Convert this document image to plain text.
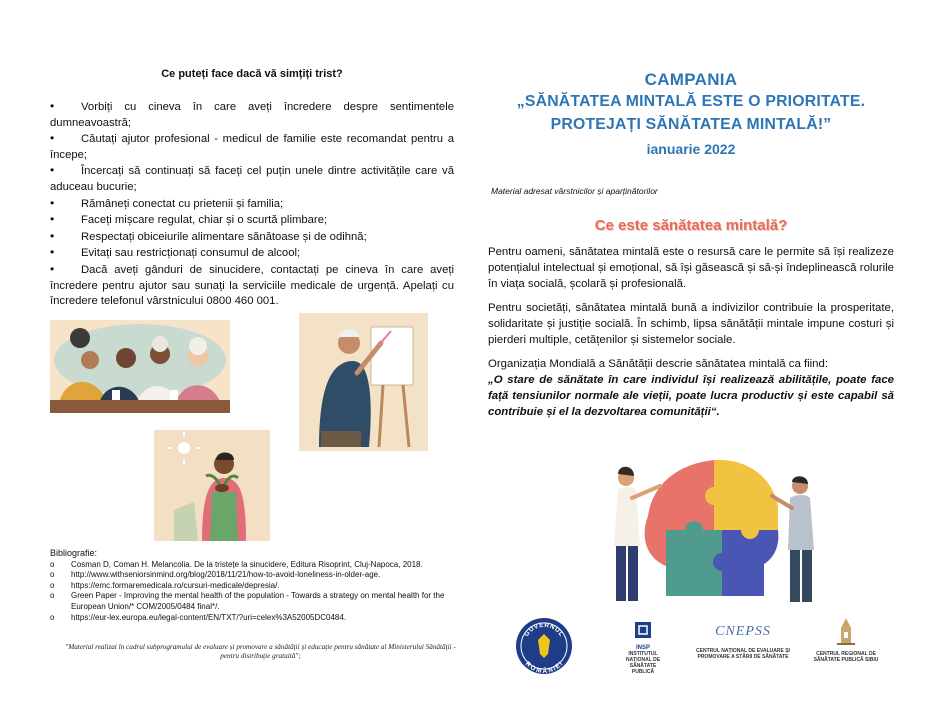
Ce puteți face dacă vă simțiți trist?
•Vorbiți cu cineva în care aveți încredere despre sentimentele dumneavoastră;
•Căutați ajutor profesional - medicul de familie este recomandat pentru a începe;
•Încercați să continuați să faceți cel puțin unele dintre activitățile care vă aduceau bucurie;
•Rămâneți conectat cu prietenii și familia;
•Faceți mișcare regulat, chiar și o scurtă plimbare;
•Respectați obiceiurile alimentare sănătoase și de odihnă;
•Evitați sau restricționați consumul de alcool;
•Dacă aveți gânduri de sinucidere, contactați pe cineva în care aveți încredere pentru ajutor sau sunați la serviciile medicale de urgență. Apelați cu încredere telefonul vârstnicului 0800 460 001.
Bibliografie:
o	Cosman D, Coman H. Melancolia. De la tristețe la sinucidere, Editura Risoprint, Cluj-Napoca, 2018.
o	http://www.withseniorsinmind.org/blog/2018/11/21/how-to-avoid-loneliness-in-older-age.
o	https://emc.formaremedicala.ro/cursuri-medicale/depresia/.
o	Green Paper - Improving the mental health of the population - Towards a strategy on mental health for the European Union/* COM/2005/0484 final*/.
o	https://eur-lex.europa.eu/legal-content/EN/TXT/?uri=celex%3A52005DC0484.
"Material realizat în cadrul subprogramului de evaluare și promovare a sănătății și educație pentru sănătate al Ministerului Sănătății - pentru distribuție gratuită";
CAMPANIA
„SĂNĂTATEA MINTALĂ ESTE O PRIORITATE.
PROTEJAȚI SĂNĂTATEA MINTALĂ!”
ianuarie 2022
Material adresat vârstnicilor și aparținătorilor
Ce este sănătatea mintală?

Pentru oameni, sănătatea mintală este o resursă care le permite să își realizeze potențialul intelectual și emoțional, să își găsească și să-și îndeplinească rolurile în viața socială, școlară și profesională.

Pentru societăți, sănătatea mintală bună a indivizilor contribuie la prosperitate, solidaritate și justiție socială. În schimb, lipsa sănătății mintale impune costuri și pierderi multiple, cetățenilor și sistemelor sociale.

Organizația Mondială a Sănătății descrie sănătatea mintală ca fiind:

„O stare de sănătate în care individul își realizează abilitățile, poate face față tensiunilor normale ale vieții, poate lucra productiv și este capabil să contribuie și el la dezvoltarea comunității“.

GUVERNUL
ROMÂNIEI
INSP
INSTITUTUL NAȚIONAL DE SĂNĂTATE PUBLICĂ
CNEPSS
CENTRUL NAȚIONAL DE EVALUARE ȘI PROMOVARE A STĂRII DE SĂNĂTATE	CENTRUL REGIONAL DE SĂNĂTATE PUBLICĂ SIBIU
